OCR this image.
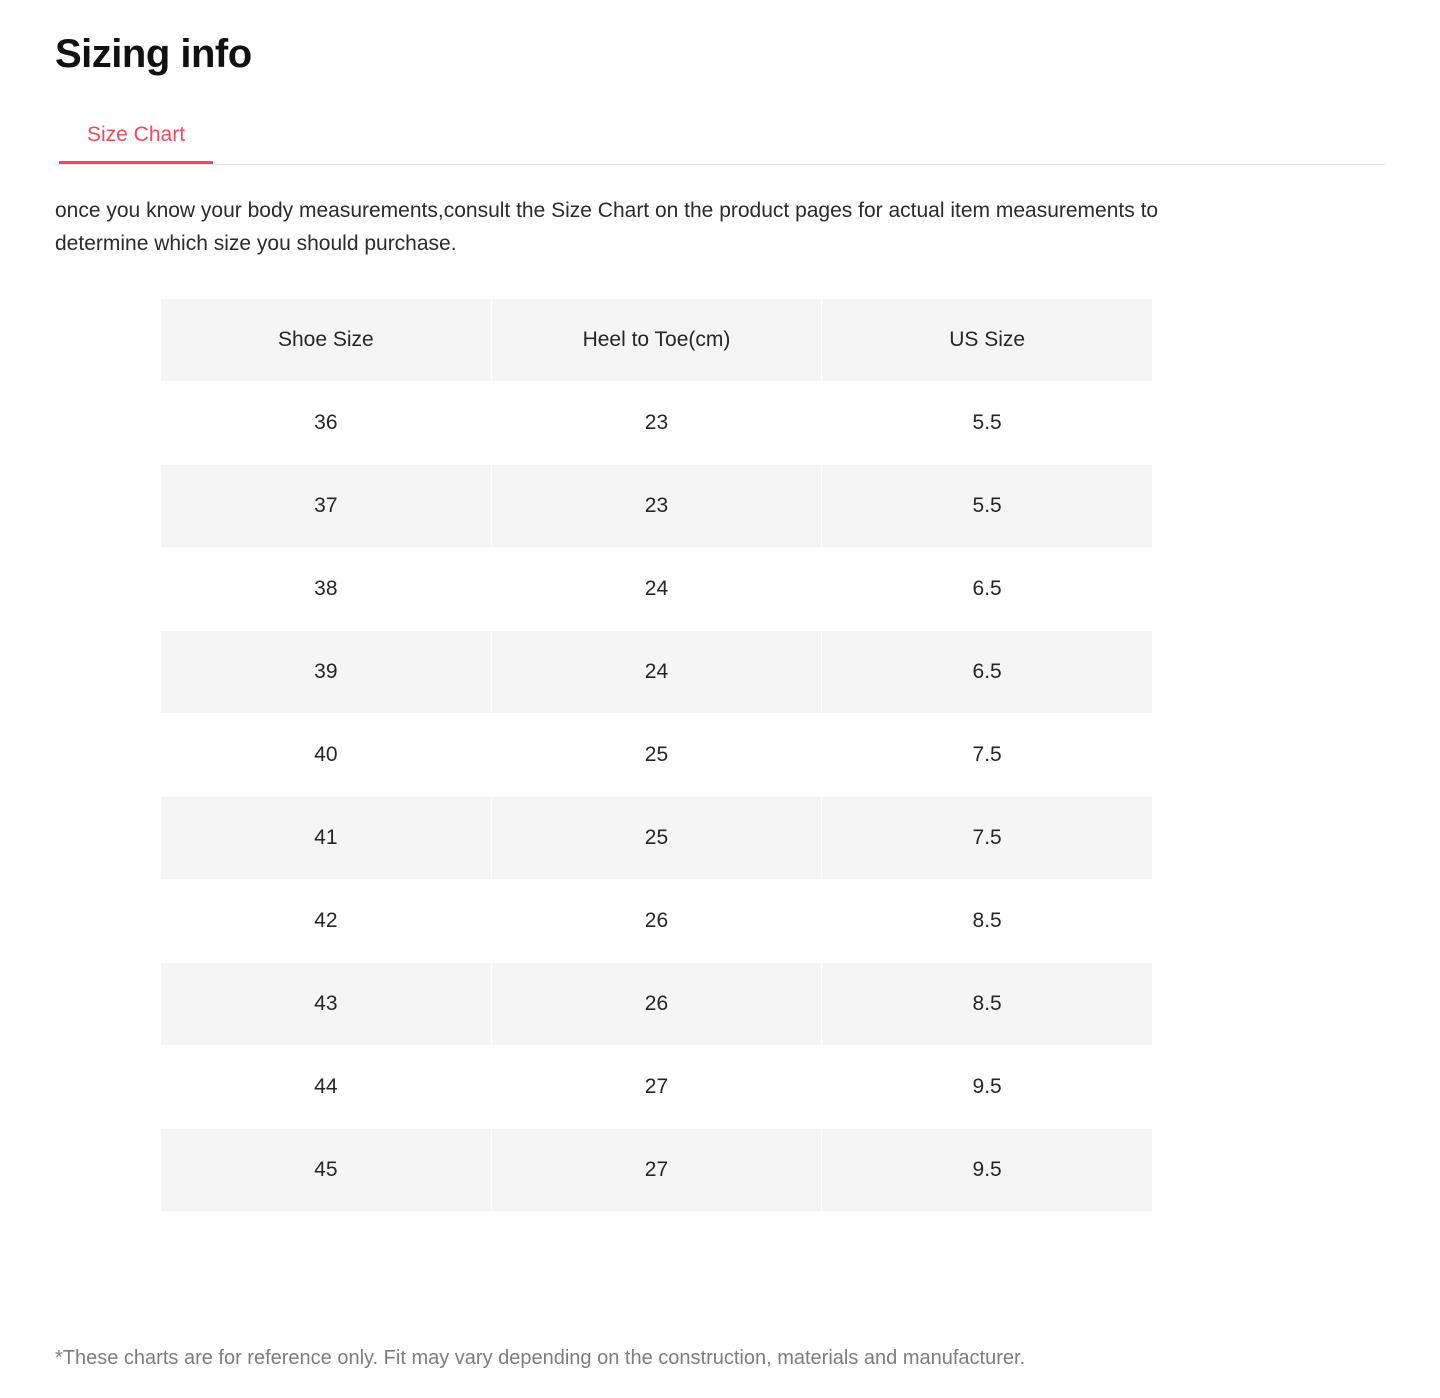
Sizing info
Size Chart

once you know your body measurements,consult the Size Chart on the product pages for actual item measurements to determine which size you should purchase.

Shoe Size	Heel to Toe(cm)	US Size
36	23	5.5
37	23	5.5
38	24	6.5
39	24	6.5
40	25	7.5
41	25	7.5
42	26	8.5
43	26	8.5
44	27	9.5
45	27	9.5
*These charts are for reference only. Fit may vary depending on the construction, materials and manufacturer.
